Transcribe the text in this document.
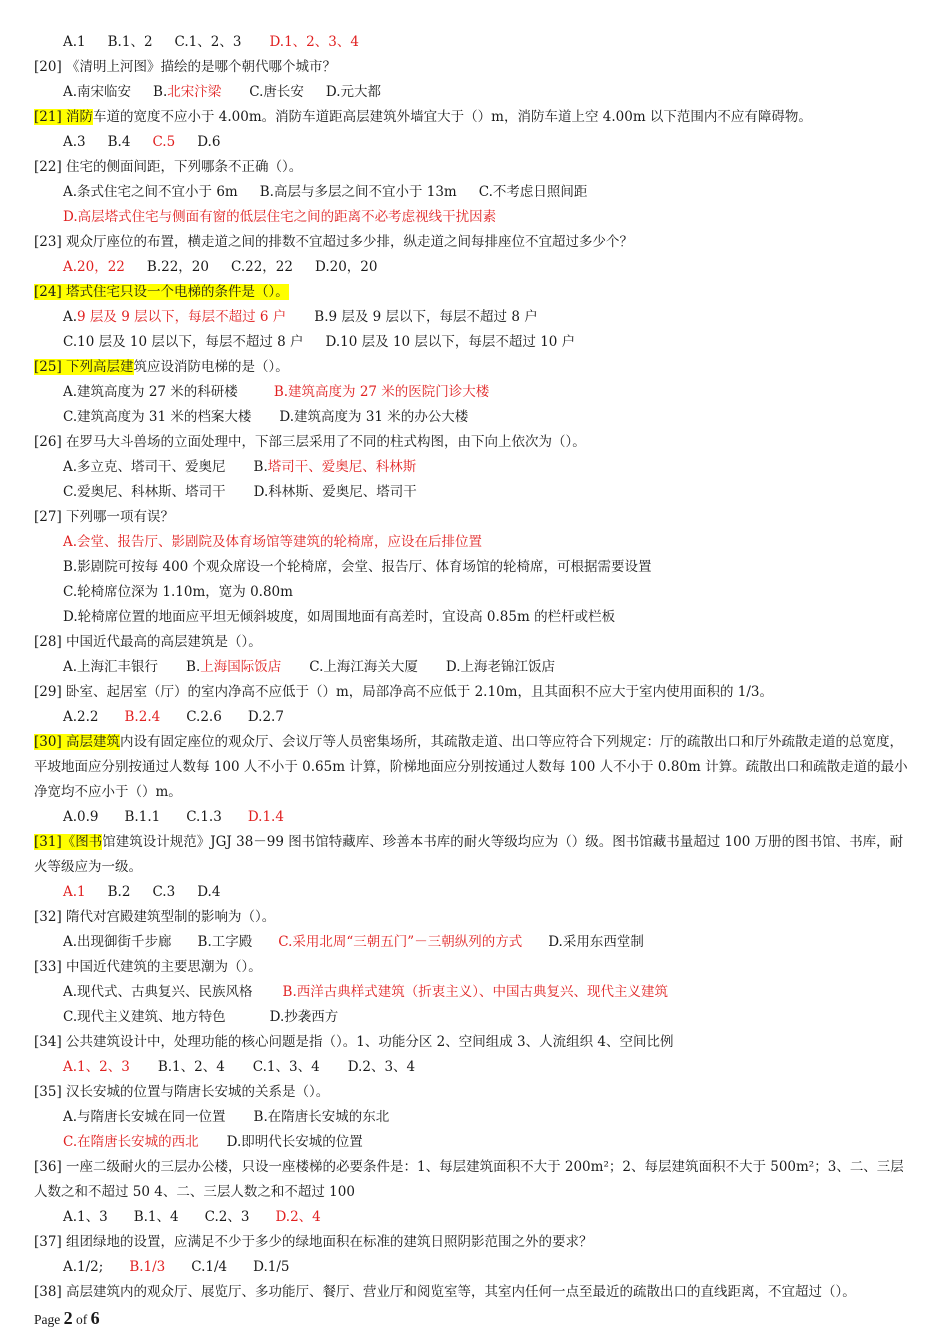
A.1 B.1、2 C.1、2、3 D.1、2、3、4
[20] 《清明上河图》描绘的是哪个朝代哪个城市？
A.南宋临安 B.北宋汴梁 C.唐长安 D.元大都
[21] 消防车道的宽度不应小于 4.00m。消防车道距高层建筑外墙宜大于（）m，消防车道上空 4.00m 以下范围内不应有障碍物。
A.3 B.4 C.5 D.6
[22] 住宅的侧面间距，下列哪条不正确（）。
A.条式住宅之间不宜小于 6m B.高层与多层之间不宜小于 13m C.不考虑日照间距
D.高层塔式住宅与侧面有窗的低层住宅之间的距离不必考虑视线干扰因素
[23] 观众厅座位的布置，横走道之间的排数不宜超过多少排，纵走道之间每排座位不宜超过多少个？
A.20，22 B.22，20 C.22，22 D.20，20
[24] 塔式住宅只设一个电梯的条件是（）。
A.9 层及 9 层以下，每层不超过 6 户 B.9 层及 9 层以下，每层不超过 8 户
C.10 层及 10 层以下，每层不超过 8 户 D.10 层及 10 层以下，每层不超过 10 户
[25] 下列高层建筑应设消防电梯的是（）。
A.建筑高度为 27 米的科研楼	B.建筑高度为 27 米的医院门诊大楼
C.建筑高度为 31 米的档案大楼 D.建筑高度为 31 米的办公大楼
[26] 在罗马大斗兽场的立面处理中，下部三层采用了不同的柱式构图，由下向上依次为（）。
A.多立克、塔司干、爱奥尼 B.塔司干、爱奥尼、科林斯
C.爱奥尼、科林斯、塔司干 D.科林斯、爱奥尼、塔司干
[27] 下列哪一项有误？
A.会堂、报告厅、影剧院及体育场馆等建筑的轮椅席，应设在后排位置
B.影剧院可按每 400 个观众席设一个轮椅席，会堂、报告厅、体育场馆的轮椅席，可根据需要设置
C.轮椅席位深为 1.10m，宽为 0.80m
D.轮椅席位置的地面应平坦无倾斜坡度，如周围地面有高差时，宜设高 0.85m 的栏杆或栏板
[28] 中国近代最高的高层建筑是（）。
A.上海汇丰银行 B.上海国际饭店 C.上海江海关大厦 D.上海老锦江饭店
[29] 卧室、起居室（厅）的室内净高不应低于（）m，局部净高不应低于 2.10m，且其面积不应大于室内使用面积的 1/3。
A.2.2 B.2.4 C.2.6 D.2.7
[30] 高层建筑内设有固定座位的观众厅、会议厅等人员密集场所，其疏散走道、出口等应符合下列规定：厅的疏散出口和厅外疏散走道的总宽度，平坡地面应分别按通过人数每 100 人不小于 0.65m 计算，阶梯地面应分别按通过人数每 100 人不小于 0.80m 计算。疏散出口和疏散走道的最小净宽均不应小于（）m。
A.0.9 B.1.1 C.1.3 D.1.4
[31]《图书馆建筑设计规范》JGJ 38－99 图书馆特藏库、珍善本书库的耐火等级均应为（）级。图书馆藏书量超过 100 万册的图书馆、书库，耐火等级应为一级。
A.1 B.2 C.3 D.4
[32] 隋代对宫殿建筑型制的影响为（）。
A.出现御街千步廊 B.工字殿 C.采用北周“三朝五门”－三朝纵列的方式 D.采用东西堂制
[33] 中国近代建筑的主要思潮为（）。
A.现代式、古典复兴、民族风格 B.西洋古典样式建筑（折衷主义）、中国古典复兴、现代主义建筑
C.现代主义建筑、地方特色	D.抄袭西方
[34] 公共建筑设计中，处理功能的核心问题是指（）。1、功能分区 2、空间组成 3、人流组织 4、空间比例
A.1、2、3 B.1、2、4 C.1、3、4 D.2、3、4
[35] 汉长安城的位置与隋唐长安城的关系是（）。
A.与隋唐长安城在同一位置 B.在隋唐长安城的东北
C.在隋唐长安城的西北 D.即明代长安城的位置
[36] 一座二级耐火的三层办公楼，只设一座楼梯的必要条件是：1、每层建筑面积不大于 200m²；2、每层建筑面积不大于 500m²；3、二、三层人数之和不超过 50 4、二、三层人数之和不超过 100
A.1、3 B.1、4 C.2、3 D.2、4
[37] 组团绿地的设置，应满足不少于多少的绿地面积在标准的建筑日照阴影范围之外的要求？
A.1/2; B.1/3 C.1/4 D.1/5
[38] 高层建筑内的观众厅、展览厅、多功能厅、餐厅、营业厅和阅览室等，其室内任何一点至最近的疏散出口的直线距离，不宜超过（）。
Page 2 of 6
